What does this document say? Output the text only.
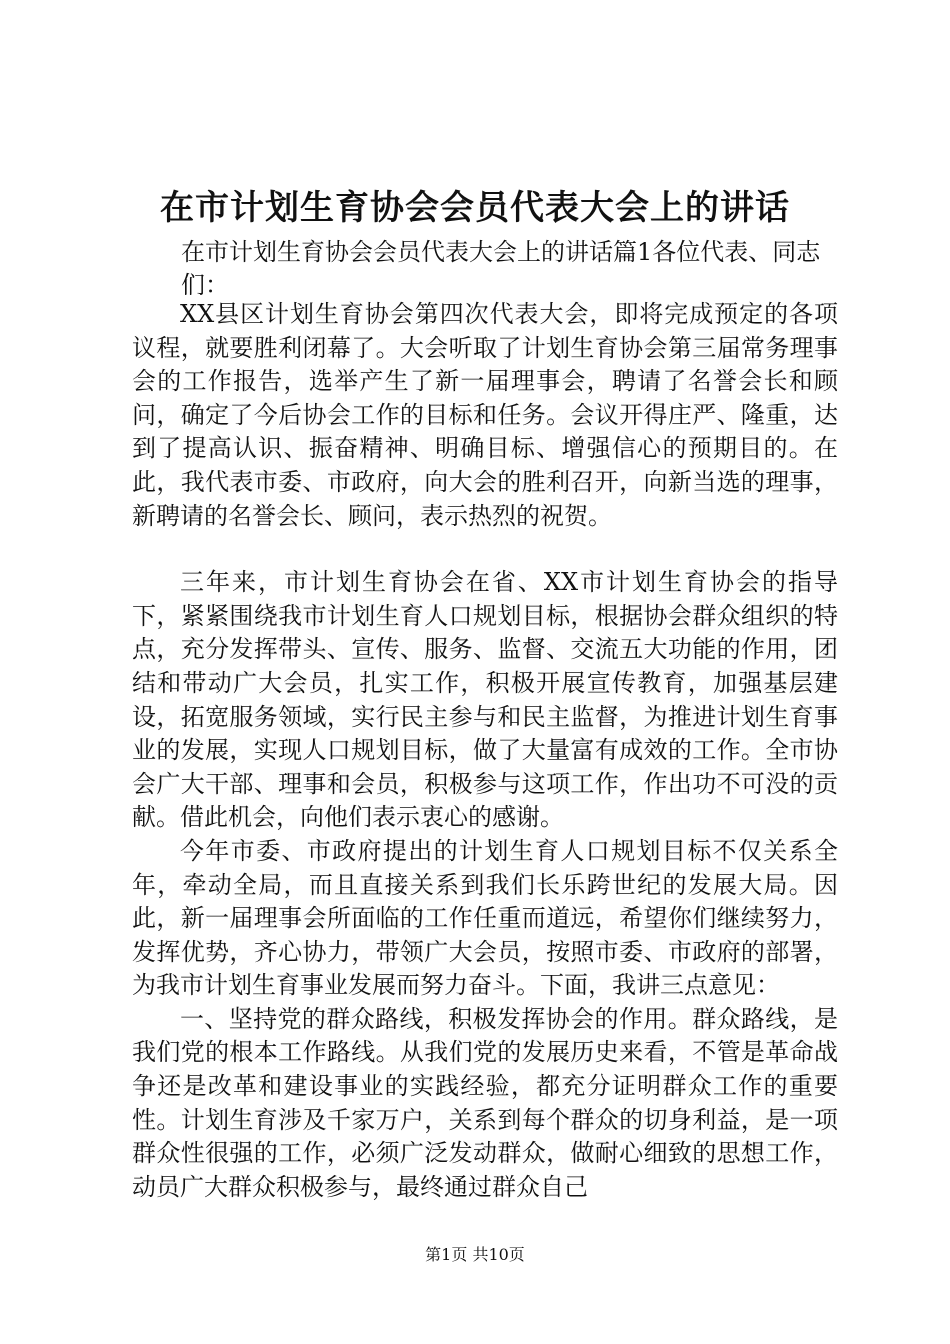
在市计划生育协会会员代表大会上的讲话

在市计划生育协会会员代表大会上的讲话篇1各位代表、同志们：

XX县区计划生育协会第四次代表大会，即将完成预定的各项议程，就要胜利闭幕了。大会听取了计划生育协会第三届常务理事会的工作报告，选举产生了新一届理事会，聘请了名誉会长和顾问，确定了今后协会工作的目标和任务。会议开得庄严、隆重，达到了提高认识、振奋精神、明确目标、增强信心的预期目的。在此，我代表市委、市政府，向大会的胜利召开，向新当选的理事，新聘请的名誉会长、顾问，表示热烈的祝贺。

三年来，市计划生育协会在省、XX市计划生育协会的指导下，紧紧围绕我市计划生育人口规划目标，根据协会群众组织的特点，充分发挥带头、宣传、服务、监督、交流五大功能的作用，团结和带动广大会员，扎实工作，积极开展宣传教育，加强基层建设，拓宽服务领域，实行民主参与和民主监督，为推进计划生育事业的发展，实现人口规划目标，做了大量富有成效的工作。全市协会广大干部、理事和会员，积极参与这项工作，作出功不可没的贡献。借此机会，向他们表示衷心的感谢。

今年市委、市政府提出的计划生育人口规划目标不仅关系全年，牵动全局，而且直接关系到我们长乐跨世纪的发展大局。因此，新一届理事会所面临的工作任重而道远，希望你们继续努力，发挥优势，齐心协力，带领广大会员，按照市委、市政府的部署，为我市计划生育事业发展而努力奋斗。下面，我讲三点意见：

一、坚持党的群众路线，积极发挥协会的作用。群众路线，是我们党的根本工作路线。从我们党的发展历史来看，不管是革命战争还是改革和建设事业的实践经验，都充分证明群众工作的重要性。计划生育涉及千家万户，关系到每个群众的切身利益，是一项群众性很强的工作，必须广泛发动群众，做耐心细致的思想工作，动员广大群众积极参与，最终通过群众自己

第1页 共10页
